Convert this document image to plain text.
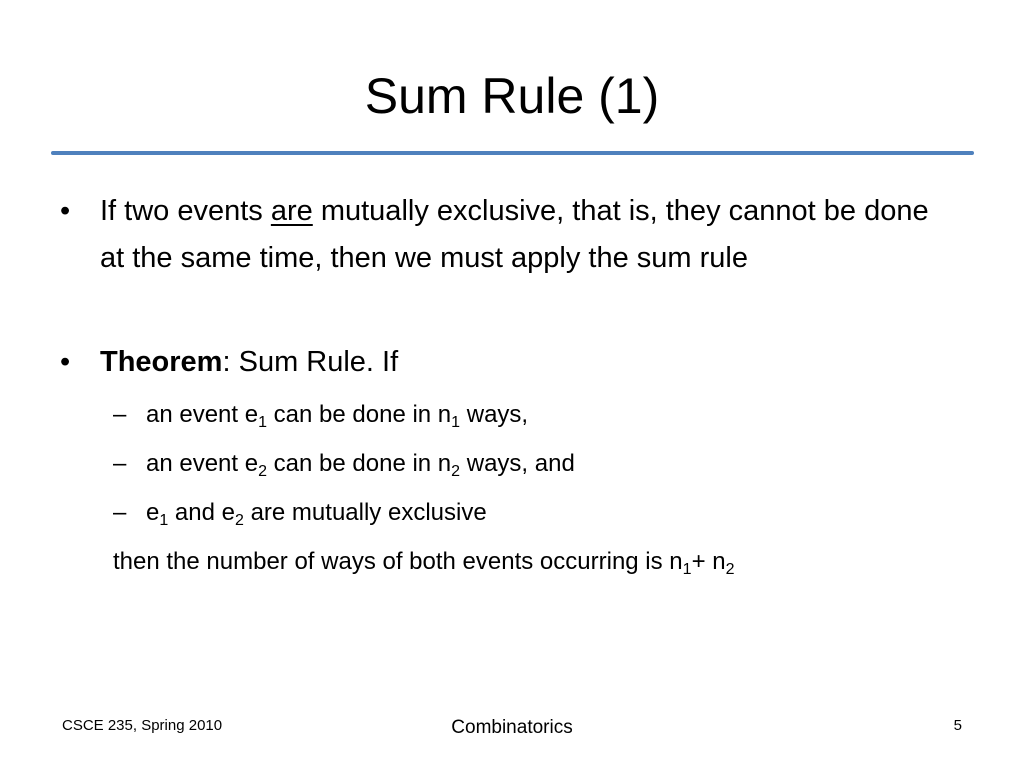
Sum Rule (1)
• If two events are mutually exclusive, that is, they cannot be done at the same time, then we must apply the sum rule
• Theorem: Sum Rule. If
– an event $e_1$ can be done in $n_1$ ways,
– an event $e_2$ can be done in $n_2$ ways, and
– $e_1$ and $e_2$ are mutually exclusive
then the number of ways of both events occurring is $n_1+ n_2$
CSCE 235, Spring 2010	Combinatorics	5
